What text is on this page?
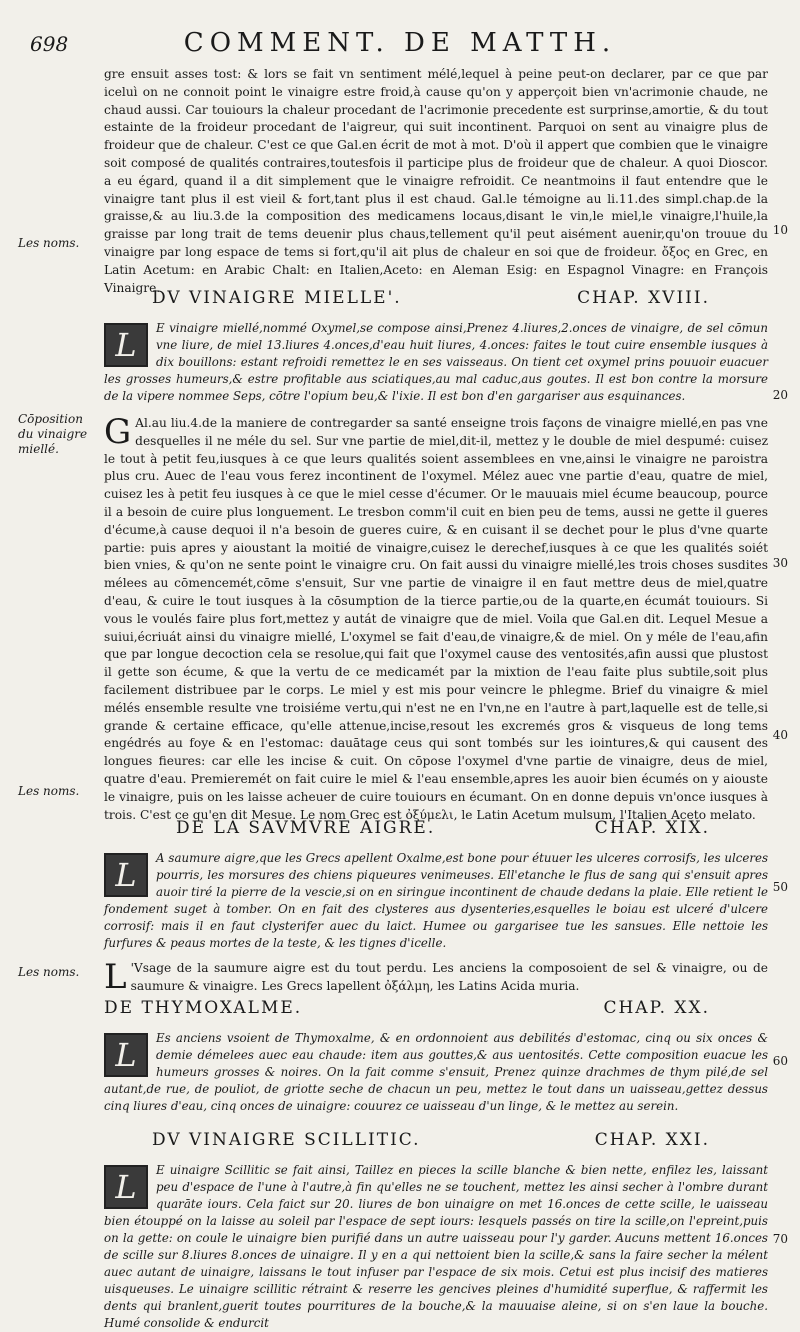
698	COMMENT. DE MATTH.
Les noms.
Cōposition du vinaigre miellé.
Les noms.
Les noms.
10
20
30
40
50
60
70

gre ensuit asses tost: & lors se fait vn sentiment mélé,lequel à peine peut-on declarer, par ce que par iceluì on ne connoit point le vinaigre estre froid,à cause qu'on y apperçoit bien vn'acrimonie chaude, ne chaud aussi. Car touiours la chaleur procedant de l'acrimonie precedente est surprinse,amortie, & du tout estainte de la froideur procedant de l'aigreur, qui suit incontinent. Parquoi on sent au vinaigre plus de froideur que de chaleur. C'est ce que Gal.en écrit de mot à mot. D'où il appert que combien que le vinaigre soit composé de qualités contraires,toutesfois il participe plus de froideur que de chaleur. A quoi Dioscor. a eu égard, quand il a dit simplement que le vinaigre refroidit. Ce neantmoins il faut entendre que le vinaigre tant plus il est vieil & fort,tant plus il est chaud. Gal.le témoigne au li.11.des simpl.chap.de la graisse,& au liu.3.de la composition des medicamens locaus,disant le vin,le miel,le vinaigre,l'huile,la graisse par long trait de tems deuenir plus chaus,tellement qu'il peut aisément auenir,qu'on trouue du vinaigre par long espace de tems si fort,qu'il ait plus de chaleur en soi que de froideur. ὄξος en Grec, en Latin Acetum: en Arabic Chalt: en Italien,Aceto: en Aleman Esig: en Espagnol Vinagre: en François Vinaigre.

DV VINAIGRE MIELLE'.	CHAP. XVIII.
L	E vinaigre miellé,nommé Oxymel,se compose ainsi,Prenez 4.liures,2.onces de vinaigre, de sel cōmun vne liure, de miel 13.liures 4.onces,d'eau huit liures, 4.onces: faites le tout cuire ensemble iusques à dix bouillons: estant refroidi remettez le en ses vaisseaus. On tient cet oxymel prins pouuoir euacuer les grosses humeurs,& estre profitable aus sciatiques,au mal caduc,aus goutes. Il est bon contre la morsure de la vipere nommee Seps, cōtre l'opium beu,& l'ixie. Il est bon d'en gargariser aus esquinances.

G Al.au liu.4.de la maniere de contregarder sa santé enseigne trois façons de vinaigre miellé,en pas vne desquelles il ne méle du sel. Sur vne partie de miel,dit-il, mettez y le double de miel despumé: cuisez le tout à petit feu,iusques à ce que leurs qualités soient assemblees en vne,ainsi le vinaigre ne paroistra plus cru. Auec de l'eau vous ferez incontinent de l'oxymel. Mélez auec vne partie d'eau, quatre de miel, cuisez les à petit feu iusques à ce que le miel cesse d'écumer. Or le mauuais miel écume beaucoup, pource il a besoin de cuire plus longuement. Le tresbon comm'il cuit en bien peu de tems, aussi ne gette il gueres d'écume,à cause dequoi il n'a besoin de gueres cuire, & en cuisant il se dechet pour le plus d'vne quarte partie: puis apres y aioustant la moitié de vinaigre,cuisez le derechef,iusques à ce que les qualités soiét bien vnies, & qu'on ne sente point le vinaigre cru. On fait aussi du vinaigre miellé,les trois choses susdites mélees au cōmencemét,cōme s'ensuit, Sur vne partie de vinaigre il en faut mettre deus de miel,quatre d'eau, & cuire le tout iusques à la cōsumption de la tierce partie,ou de la quarte,en écumát touiours. Si vous le voulés faire plus fort,mettez y autát de vinaigre que de miel. Voila que Gal.en dit. Lequel Mesue a suiui,écriuát ainsi du vinaigre miellé, L'oxymel se fait d'eau,de vinaigre,& de miel. On y méle de l'eau,afin que par longue decoction cela se resolue,qui fait que l'oxymel cause des ventosités,afin aussi que plustost il gette son écume, & que la vertu de ce medicamét par la mixtion de l'eau faite plus subtile,soit plus facilement distribuee par le corps. Le miel y est mis pour veincre le phlegme. Brief du vinaigre & miel mélés ensemble resulte vne troisiéme vertu,qui n'est ne en l'vn,ne en l'autre à part,laquelle est de telle,si grande & certaine efficace, qu'elle attenue,incise,resout les excremés gros & visqueus de long tems engédrés au foye & en l'estomac: dauātage ceus qui sont tombés sur les iointures,& qui causent des longues fieures: car elle les incise & cuit. On cōpose l'oxymel d'vne partie de vinaigre, deus de miel, quatre d'eau. Premieremét on fait cuire le miel & l'eau ensemble,apres les auoir bien écumés on y aiouste le vinaigre, puis on les laisse acheuer de cuire touiours en écumant. On en donne depuis vn'once iusques à trois. C'est ce qu'en dit Mesue. Le nom Grec est ὀξύμελι, le Latin Acetum mulsum, l'Italien Aceto melato.

DE LA SAVMVRE AIGRE.	CHAP. XIX.
L	A saumure aigre,que les Grecs apellent Oxalme,est bone pour étuuer les ulceres corrosifs, les ulceres pourris, les morsures des chiens piqueures venimeuses. Ell'etanche le flus de sang qui s'ensuit apres auoir tiré la pierre de la vescie,si on en siringue incontinent de chaude dedans la plaie. Elle retient le fondement suget à tomber. On en fait des clysteres aus dysenteries,esquelles le boiau est ulceré d'ulcere corrosif: mais il en faut clysterifer auec du laict. Humee ou gargarisee tue les sansues. Elle nettoie les furfures & peaus mortes de la teste, & les tignes d'icelle.

L 'Vsage de la saumure aigre est du tout perdu. Les anciens la composoient de sel & vinaigre, ou de saumure & vinaigre. Les Grecs lapellent ὀξάλμη, les Latins Acida muria.

DE THYMOXALME.	CHAP. XX.
L	Es anciens vsoient de Thymoxalme, & en ordonnoient aus debilités d'estomac, cinq ou six onces & demie démelees auec eau chaude: item aus gouttes,& aus uentosités. Cette composition euacue les humeurs grosses & noires. On la fait comme s'ensuit, Prenez quinze drachmes de thym pilé,de sel autant,de rue, de pouliot, de griotte seche de chacun un peu, mettez le tout dans un uaisseau,gettez dessus cinq liures d'eau, cinq onces de uinaigre: couurez ce uaisseau d'un linge, & le mettez au serein.

DV VINAIGRE SCILLITIC.	CHAP. XXI.
L	E uinaigre Scillitic se fait ainsi, Taillez en pieces la scille blanche & bien nette, enfilez les, laissant peu d'espace de l'une à l'autre,à fin qu'elles ne se touchent, mettez les ainsi secher à l'ombre durant quarāte iours. Cela faict sur 20. liures de bon uinaigre on met 16.onces de cette scille, le uaisseau bien étouppé on la laisse au soleil par l'espace de sept iours: lesquels passés on tire la scille,on l'epreint,puis on la gette: on coule le uinaigre bien purifié dans un autre uaisseau pour l'y garder. Aucuns mettent 16.onces de scille sur 8.liures 8.onces de uinaigre. Il y en a qui nettoient bien la scille,& sans la faire secher la mélent auec autant de uinaigre, laissans le tout infuser par l'espace de six mois. Cetui est plus incisif des matieres uisqueuses. Le uinaigre scillitic rétraint & reserre les gencives pleines d'humidité superflue, & raffermit les dents qui branlent,guerit toutes pourritures de la bouche,& la mauuaise aleine, si on s'en laue la bouche. Humé consolide & endurcit
